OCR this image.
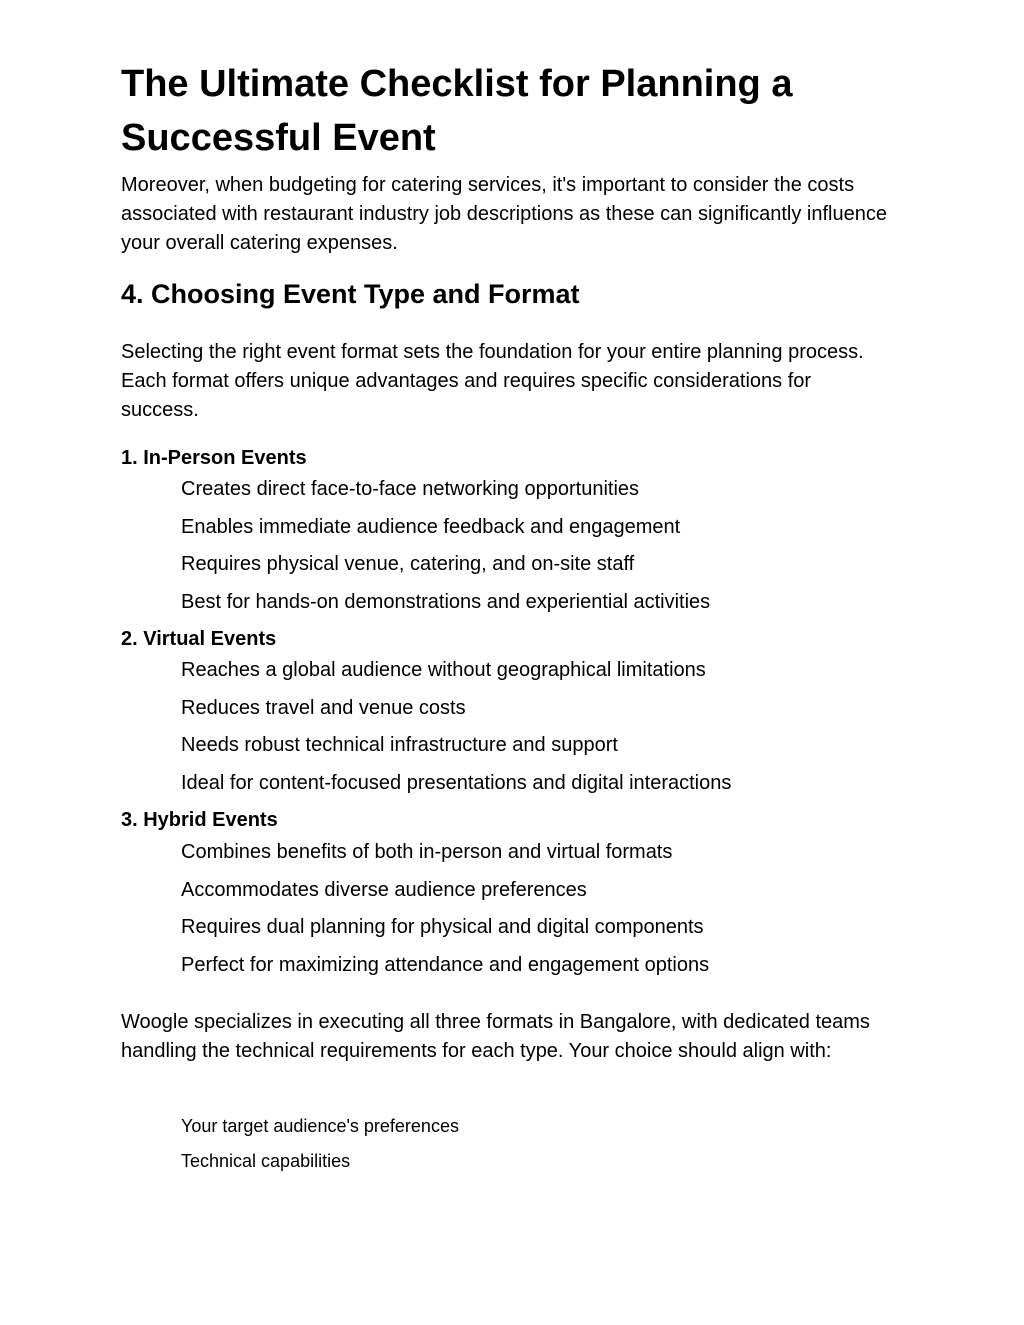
The Ultimate Checklist for Planning a Successful Event

Moreover, when budgeting for catering services, it's important to consider the costs associated with restaurant industry job descriptions as these can significantly influence your overall catering expenses.

4. Choosing Event Type and Format

Selecting the right event format sets the foundation for your entire planning process. Each format offers unique advantages and requires specific considerations for success.

1. In-Person Events
Creates direct face-to-face networking opportunities
Enables immediate audience feedback and engagement
Requires physical venue, catering, and on-site staff
Best for hands-on demonstrations and experiential activities
2. Virtual Events
Reaches a global audience without geographical limitations
Reduces travel and venue costs
Needs robust technical infrastructure and support
Ideal for content-focused presentations and digital interactions
3. Hybrid Events
Combines benefits of both in-person and virtual formats
Accommodates diverse audience preferences
Requires dual planning for physical and digital components
Perfect for maximizing attendance and engagement options

Woogle specializes in executing all three formats in Bangalore, with dedicated teams handling the technical requirements for each type. Your choice should align with:

Your target audience's preferences
Technical capabilities
